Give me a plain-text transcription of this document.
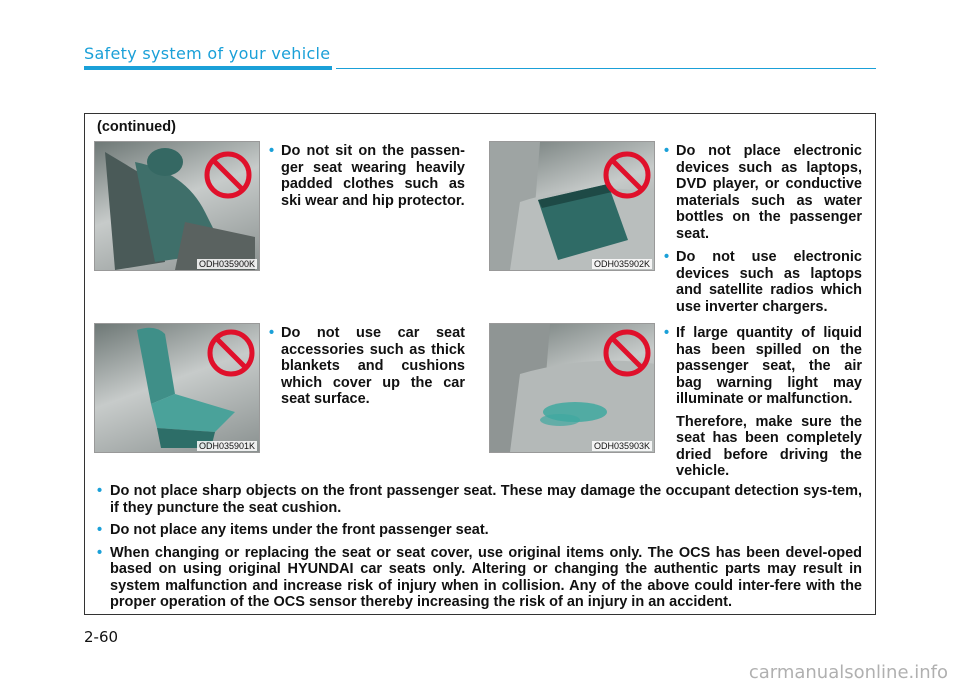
Safety system of your vehicle
(continued)
ODH035900K

• Do not sit on the passen-ger seat wearing heavily padded clothes such as ski wear and hip protector.

ODH035902K

• Do not place electronic devices such as laptops, DVD player, or conductive materials such as water bottles on the passenger seat.

• Do not use electronic devices such as laptops and satellite radios which use inverter chargers.

ODH035901K

• Do not use car seat accessories such as thick blankets and cushions which cover up the car seat surface.

ODH035903K

• If large quantity of liquid has been spilled on the passenger seat, the air bag warning light may illuminate or malfunction.

Therefore, make sure the seat has been completely dried before driving the vehicle.

• Do not place sharp objects on the front passenger seat. These may damage the occupant detection sys-tem, if they puncture the seat cushion.

• Do not place any items under the front passenger seat.

• When changing or replacing the seat or seat cover, use original items only. The OCS has been devel-oped based on using original HYUNDAI car seats only. Altering or changing the authentic parts may result in system malfunction and increase risk of injury when in collision. Any of the above could inter-fere with the proper operation of the OCS sensor thereby increasing the risk of an injury in an accident.

2-60
carmanualsonline.info
